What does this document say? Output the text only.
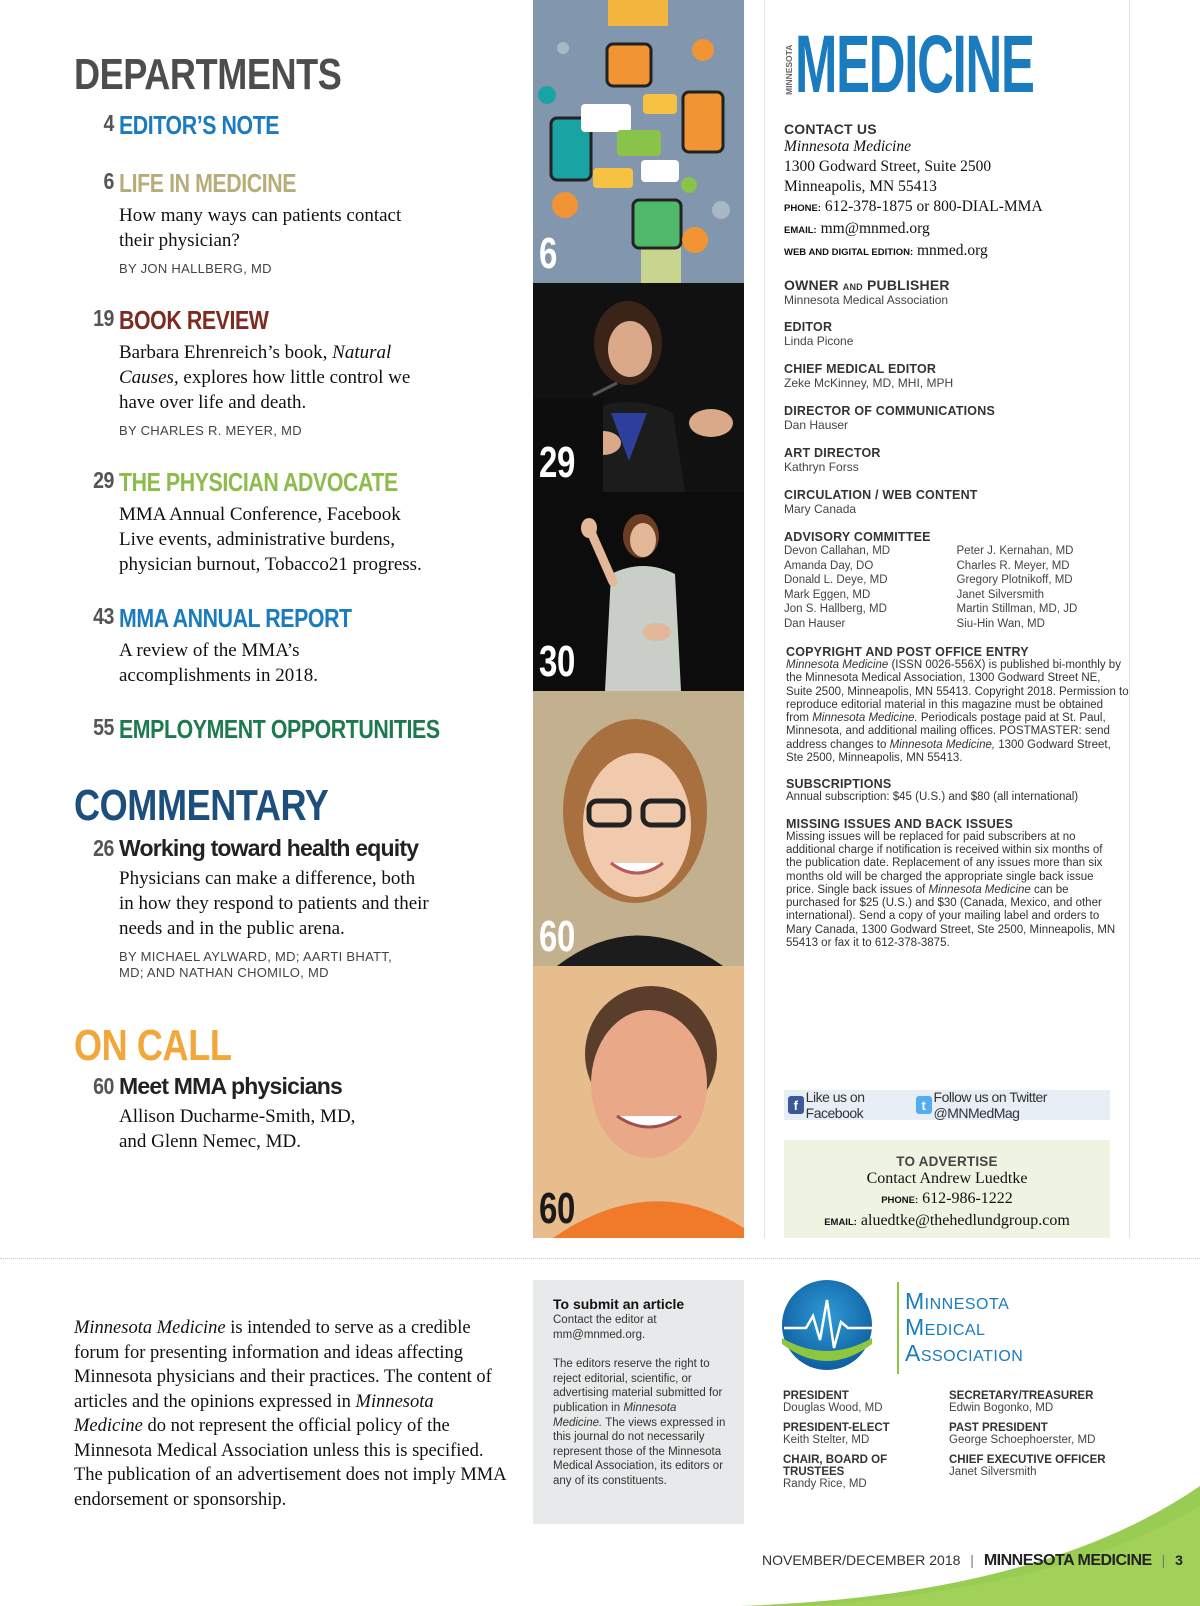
DEPARTMENTS
4 EDITOR’S NOTE
6 LIFE IN MEDICINE
How many ways can patients contact their physician?
BY JON HALLBERG, MD
19 BOOK REVIEW
Barbara Ehrenreich’s book, Natural Causes, explores how little control we have over life and death.
BY CHARLES R. MEYER, MD
29 THE PHYSICIAN ADVOCATE
MMA Annual Conference, Facebook Live events, administrative burdens, physician burnout, Tobacco21 progress.
43 MMA ANNUAL REPORT
A review of the MMA’s accomplishments in 2018.
55 EMPLOYMENT OPPORTUNITIES
COMMENTARY
26 Working toward health equity
Physicians can make a difference, both in how they respond to patients and their needs and in the public arena.
BY MICHAEL AYLWARD, MD; AARTI BHATT, MD; AND NATHAN CHOMILO, MD
ON CALL
60 Meet MMA physicians
Allison Ducharme-Smith, MD, and Glenn Nemec, MD.
6
29
30
60
60
MINNESOTA MEDICINE
CONTACT US
Minnesota Medicine
1300 Godward Street, Suite 2500
Minneapolis, MN 55413
PHONE: 612-378-1875 or 800-DIAL-MMA
EMAIL: mm@mnmed.org
WEB AND DIGITAL EDITION: mnmed.org
OWNER AND PUBLISHER
Minnesota Medical Association
EDITOR
Linda Picone
CHIEF MEDICAL EDITOR
Zeke McKinney, MD, MHI, MPH
DIRECTOR OF COMMUNICATIONS
Dan Hauser
ART DIRECTOR
Kathryn Forss
CIRCULATION / WEB CONTENT
Mary Canada
ADVISORY COMMITTEE
Devon Callahan, MD
Amanda Day, DO
Donald L. Deye, MD
Mark Eggen, MD
Jon S. Hallberg, MD
Dan Hauser
Peter J. Kernahan, MD
Charles R. Meyer, MD
Gregory Plotnikoff, MD
Janet Silversmith
Martin Stillman, MD, JD
Siu-Hin Wan, MD
COPYRIGHT AND POST OFFICE ENTRY
Minnesota Medicine (ISSN 0026-556X) is published bi-monthly by the Minnesota Medical Association, 1300 Godward Street NE, Suite 2500, Minneapolis, MN 55413. Copyright 2018. Permission to reproduce editorial material in this magazine must be obtained from Minnesota Medicine. Periodicals postage paid at St. Paul, Minnesota, and additional mailing offices. POSTMASTER: send address changes to Minnesota Medicine, 1300 Godward Street, Ste 2500, Minneapolis, MN 55413.
SUBSCRIPTIONS
Annual subscription: $45 (U.S.) and $80 (all international)
MISSING ISSUES AND BACK ISSUES
Missing issues will be replaced for paid subscribers at no additional charge if notification is received within six months of the publication date. Replacement of any issues more than six months old will be charged the appropriate single back issue price. Single back issues of Minnesota Medicine can be purchased for $25 (U.S.) and $30 (Canada, Mexico, and other international). Send a copy of your mailing label and orders to Mary Canada, 1300 Godward Street, Ste 2500, Minneapolis, MN 55413 or fax it to 612-378-3875.
f Like us on Facebook	t Follow us on Twitter @MNMedMag
TO ADVERTISE
Contact Andrew Luedtke
PHONE: 612-986-1222
EMAIL: aluedtke@thehedlundgroup.com
Minnesota Medicine is intended to serve as a credible forum for presenting information and ideas affecting Minnesota physicians and their practices. The content of articles and the opinions expressed in Minnesota Medicine do not represent the official policy of the Minnesota Medical Association unless this is specified. The publication of an advertisement does not imply MMA endorsement or sponsorship.
To submit an article
Contact the editor at mm@mnmed.org.
The editors reserve the right to reject editorial, scientific, or advertising material submitted for publication in Minnesota Medicine. The views expressed in this journal do not necessarily represent those of the Minnesota Medical Association, its editors or any of its constituents.
Minnesota
Medical
Association
PRESIDENT
Douglas Wood, MD
SECRETARY/TREASURER
Edwin Bogonko, MD
PRESIDENT-ELECT
Keith Stelter, MD
PAST PRESIDENT
George Schoephoerster, MD
CHAIR, BOARD OF TRUSTEES
Randy Rice, MD
CHIEF EXECUTIVE OFFICER
Janet Silversmith
NOVEMBER/DECEMBER 2018 | MINNESOTA MEDICINE | 3
